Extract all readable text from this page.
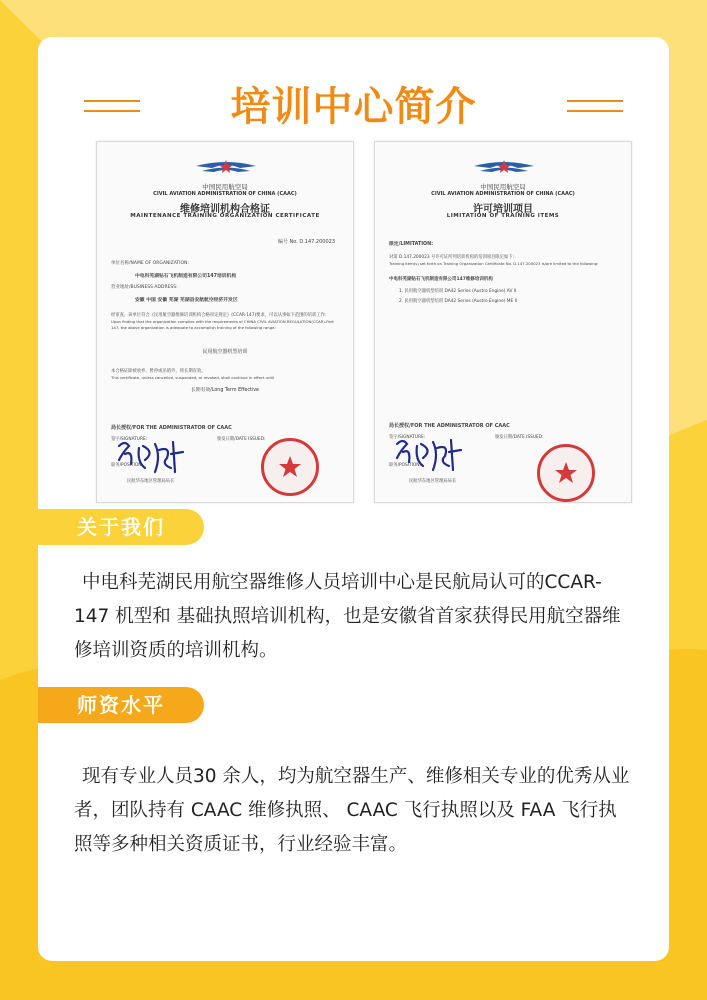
培训中心简介
中国民用航空局
CIVIL AVIATION ADMINISTRATION OF CHINA (CAAC)
维修培训机构合格证
MAINTENANCE TRAINING ORGANIZATION CERTIFICATE
编号 No. D.147.200023
单位名称/NAME OF ORGANIZATION:
中电科芜湖钻石飞机制造有限公司147培训机构
营业地址/BUSINESS ADDRESS:
安徽 中国 安徽 芜湖 芜湖县安航航空经济开发区
经审查，该单位符合《民用航空器维修培训机构合格审定规定》(CCAR-147)要求，可以从事如下范围的培训工作:
Upon finding that the organization complies with the requirements of CHINA CIVIL AVIATION REGULATION(CCAR)-Part 147, the above organization is adequate to accomplish training of the following range:
民用航空器机型培训
本合格证除被放弃、暂停或吊销外，将长期有效。
This certificate, unless cancelled, suspended, or revoked, shall continue in effect until
长期有效/Long Term Effective
局长授权/FOR THE ADMINISTRATOR OF CAAC
签字/SIGNATURE:	颁发日期/DATE ISSUED:
职务/POSITION:
民航华东地区管理局局长
中国民用航空局
CIVIL AVIATION ADMINISTRATION OF CHINA (CAAC)
许可培训项目
LIMITATION OF TRAINING ITEMS
限定/LIMITATION:
对第 D.147.200023 号许可证所列培训机构的培训项目限定如下:
Training item(s) set forth on Training Organization Certificate No. D.147.200023 is/are limited to the following:
中电科芜湖钻石飞机制造有限公司147维修培训机构
1. 民用航空器机型培训 DA42 Series (Austro Engine) AV II
2. 民用航空器机型培训 DA42 Series (Austro Engine) ME II
局长授权/FOR THE ADMINISTRATOR OF CAAC
签字/SIGNATURE:	颁发日期/DATE ISSUED:
职务/POSITION:
民航华东地区管理局局长
关于我们
中电科芜湖民用航空器维修人员培训中心是民航局认可的CCAR-147 机型和 基础执照培训机构，也是安徽省首家获得民用航空器维修培训资质的培训机构。
师资水平
现有专业人员30 余人，均为航空器生产、维修相关专业的优秀从业者，团队持有 CAAC 维修执照、 CAAC 飞行执照以及 FAA 飞行执照等多种相关资质证书，行业经验丰富。
